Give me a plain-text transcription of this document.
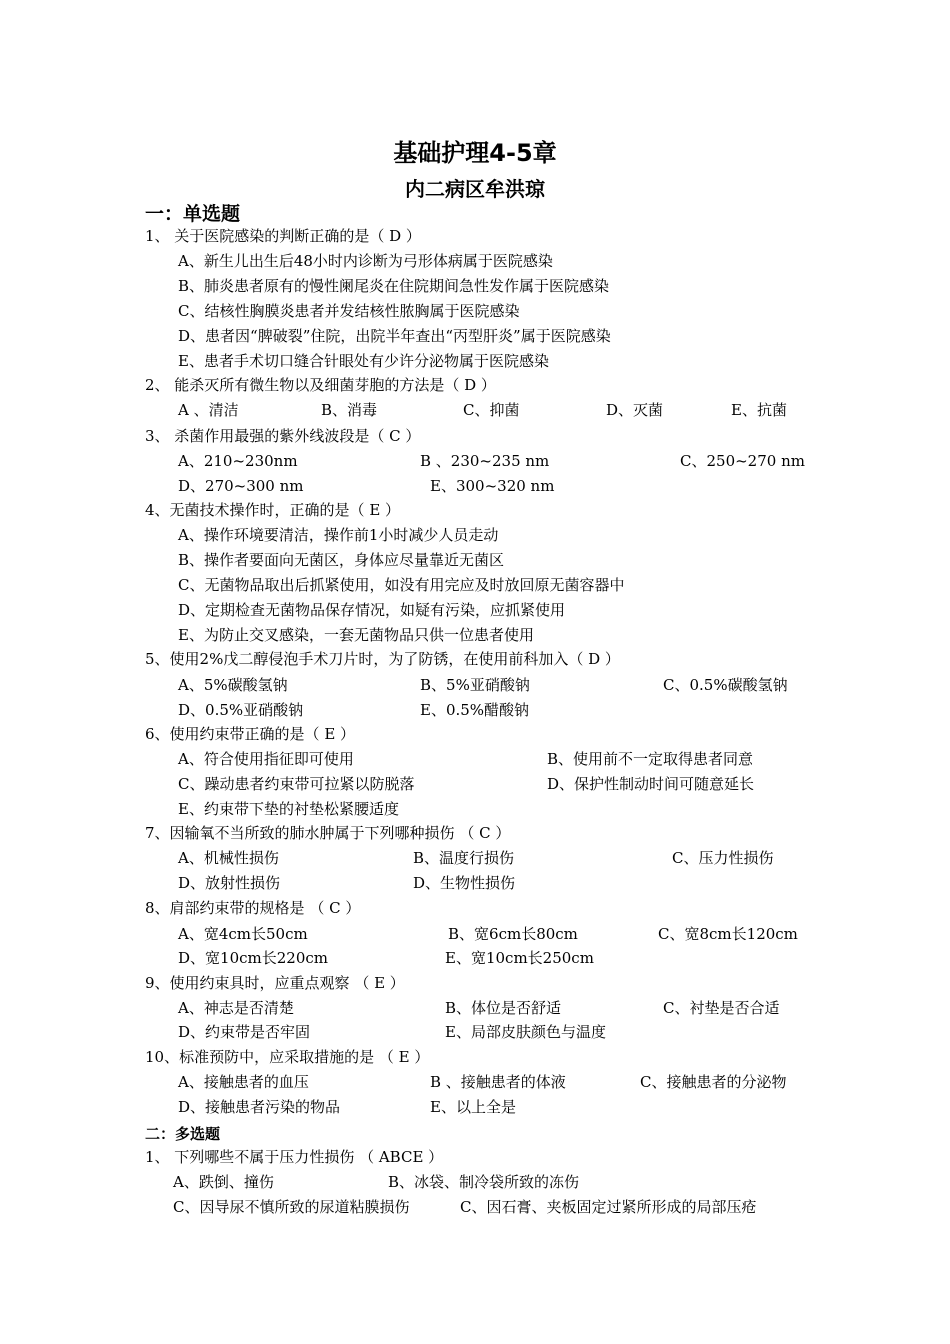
基础护理4-5章
内二病区牟洪琼
一：单选题
1、 关于医院感染的判断正确的是（ D ）
A、新生儿出生后48小时内诊断为弓形体病属于医院感染
B、肺炎患者原有的慢性阑尾炎在住院期间急性发作属于医院感染
C、结核性胸膜炎患者并发结核性脓胸属于医院感染
D、患者因“脾破裂”住院，出院半年查出“丙型肝炎”属于医院感染
E、患者手术切口缝合针眼处有少许分泌物属于医院感染
2、 能杀灭所有微生物以及细菌芽胞的方法是（ D ）
A 、清洁	B、消毒	C、抑菌	D、灭菌	E、抗菌
3、 杀菌作用最强的紫外线波段是（ C ）
A、210~230nm	B 、230~235 nm	C、250~270 nm
D、270~300 nm	E、300~320 nm
4、无菌技术操作时，正确的是（ E ）
A、操作环境要清洁，操作前1小时减少人员走动
B、操作者要面向无菌区，身体应尽量靠近无菌区
C、无菌物品取出后抓紧使用，如没有用完应及时放回原无菌容器中
D、定期检查无菌物品保存情况，如疑有污染，应抓紧使用
E、为防止交叉感染，一套无菌物品只供一位患者使用
5、使用2%戊二醇侵泡手术刀片时，为了防锈，在使用前科加入（ D ）
A、5%碳酸氢钠	B、5%亚硝酸钠	C、0.5%碳酸氢钠
D、0.5%亚硝酸钠	E、0.5%醋酸钠
6、使用约束带正确的是（ E ）
A、符合使用指征即可使用	B、使用前不一定取得患者同意
C、躁动患者约束带可拉紧以防脱落	D、保护性制动时间可随意延长
E、约束带下垫的衬垫松紧腰适度
7、因输氧不当所致的肺水肿属于下列哪种损伤 （ C ）
A、机械性损伤	B、温度行损伤	C、压力性损伤
D、放射性损伤	D、生物性损伤
8、肩部约束带的规格是 （ C ）
A、宽4cm长50cm	B、宽6cm长80cm	C、宽8cm长120cm
D、宽10cm长220cm	E、宽10cm长250cm
9、使用约束具时，应重点观察 （ E ）
A、神志是否清楚	B、体位是否舒适	C、衬垫是否合适
D、约束带是否牢固	E、局部皮肤颜色与温度
10、标准预防中，应采取措施的是 （ E ）
A、接触患者的血压	B 、接触患者的体液	C、接触患者的分泌物
D、接触患者污染的物品	E、以上全是
二：多选题
1、 下列哪些不属于压力性损伤 （ ABCE ）
A、跌倒、撞伤	B、冰袋、制冷袋所致的冻伤
C、因导尿不慎所致的尿道粘膜损伤	C、因石膏、夹板固定过紧所形成的局部压疮
